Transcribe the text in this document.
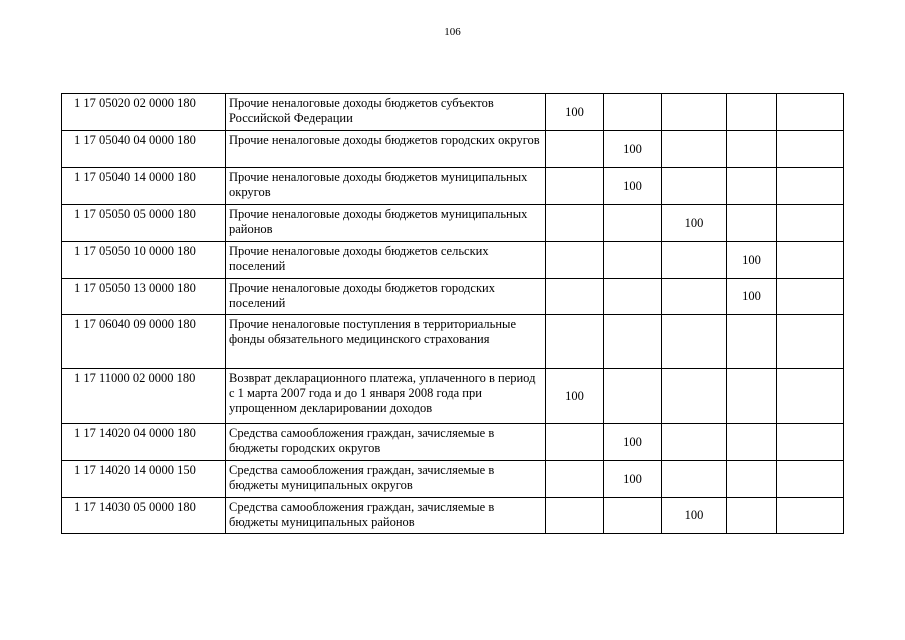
106
1 17 05020 02 0000 180	Прочие неналоговые доходы бюджетов субъектов Российской Федерации	100					
1 17 05040 04 0000 180	Прочие неналоговые доходы бюджетов городских округов		100				
1 17 05040 14 0000 180	Прочие неналоговые доходы бюджетов муниципальных округов		100				
1 17 05050 05 0000 180	Прочие неналоговые доходы бюджетов муниципальных районов			100			
1 17 05050 10 0000 180	Прочие неналоговые доходы бюджетов сельских поселений				100		
1 17 05050 13 0000 180	Прочие неналоговые доходы бюджетов городских поселений				100		
1 17 06040 09 0000 180	Прочие неналоговые поступления в территориальные фонды обязательного медицинского страхования						
1 17 11000 02 0000 180	Возврат декларационного платежа, уплаченного в период с 1 марта 2007 года и до 1 января 2008 года при упрощенном декларировании доходов	100					
1 17 14020 04 0000 180	Средства самообложения граждан, зачисляемые в бюджеты городских округов		100				
1 17 14020 14 0000 150	Средства самообложения граждан, зачисляемые в бюджеты муниципальных округов		100				
1 17 14030 05 0000 180	Средства самообложения граждан, зачисляемые в бюджеты муниципальных районов			100			
